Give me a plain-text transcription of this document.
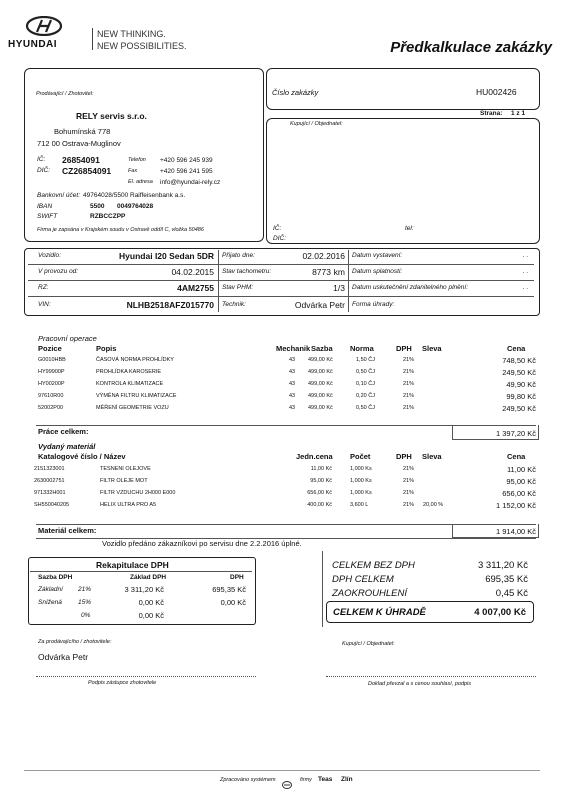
HYUNDAI
NEW THINKING.
NEW POSSIBILITIES.	Předkalkulace zakázky
Prodávající / Zhotovitel:
RELY servis s.r.o.
Bohumínská 778
712 00 Ostrava-Muglinov
IČ: 26854091
DIČ: CZ26854091
Telefon +420 596 245 939
Fax	+420 596 241 595
El. adresa info@hyundai-rely.cz
Bankovní účet: 49764028/5500 Raiffeisenbank a.s.
IBAN	5500 0049764028
SWIFT	RZBCCZPP
Firma je zapsána v Krajském soudu v Ostravě oddíl C, vložka 50486
Číslo zakázky	HU002426
Strana: 1 z 1
Kupující / Objednatel:
IČ:
DIČ:
tel:
Vozidlo:	Hyundai I20 Sedan 5DR
V provozu od:	04.02.2015
RZ:	4AM2755
VIN:	NLHB2518AFZ015770
Přijato dne:	02.02.2016
Stav tachometru:	8773 km
Stav PHM:	1/3
Technik:	Odvárka Petr
Datum vystavení:	. .
Datum splatnosti:	. .
Datum uskutečnění zdanitelného plnění:	. .
Forma úhrady:
Pracovní operace
Pozice	Popis	Mechanik Sazba Norma	DPH Sleva	Cena
G0010HBB	ČASOVÁ NORMA PROHLÍDKY	43 499,00 Kč	1,50 ČJ	21%	748,50 Kč
HY99900P	PROHLÍDKA KAROSERIE	43 499,00 Kč	0,50 ČJ	21%	249,50 Kč
HY00200P	KONTROLA KLIMATIZACE	43 499,00 Kč	0,10 ČJ	21%	49,90 Kč
97610R00	VÝMĚNA FILTRU KLIMATIZACE	43 499,00 Kč	0,20 ČJ	21%	99,80 Kč
52002P00	MĚŘENÍ GEOMETRIE VOZU	43 499,00 Kč	0,50 ČJ	21%	249,50 Kč
Práce celkem:	1 397,20 Kč
Vydaný materiál
Katalogové číslo / Název	Jedn.cena Počet	DPH Sleva	Cena
2151323001	TESNENI OLEJOVE	11,00 Kč	1,000 Ks	21%	11,00 Kč
2630002751	FILTR OLEJE MOT	95,00 Kč	1,000 Ks	21%	95,00 Kč
971332H001	FILTR VZDUCHU 2H000 E000	656,00 Kč	1,000 Ks	21%	656,00 Kč
SH550040205	HELIX ULTRA PRO A5	400,00 Kč	3,600 L	21% 20,00 %	1 152,00 Kč
Materiál celkem:	1 914,00 Kč
Vozidlo předáno zákazníkovi po servisu dne 2.2.2016 úplné.
Rekapitulace DPH
Sazba DPH	Základ DPH	DPH
Základní 21%	3 311,20 Kč	695,35 Kč
Snížená 15%	0,00 Kč	0,00 Kč
0%	0,00 Kč
CELKEM BEZ DPH	3 311,20 Kč
DPH CELKEM	695,35 Kč
ZAOKROUHLENÍ	0,45 Kč
CELKEM K ÚHRADĚ	4 007,00 Kč
Za prodávajícího / zhotovitele:
Odvárka Petr
Podpis zástupce zhotovitele
Kupující / Objednatel:
Doklad převzal a s cenou souhlasí, podpis
Zpracováno systémem	firmy Teas Zlín
